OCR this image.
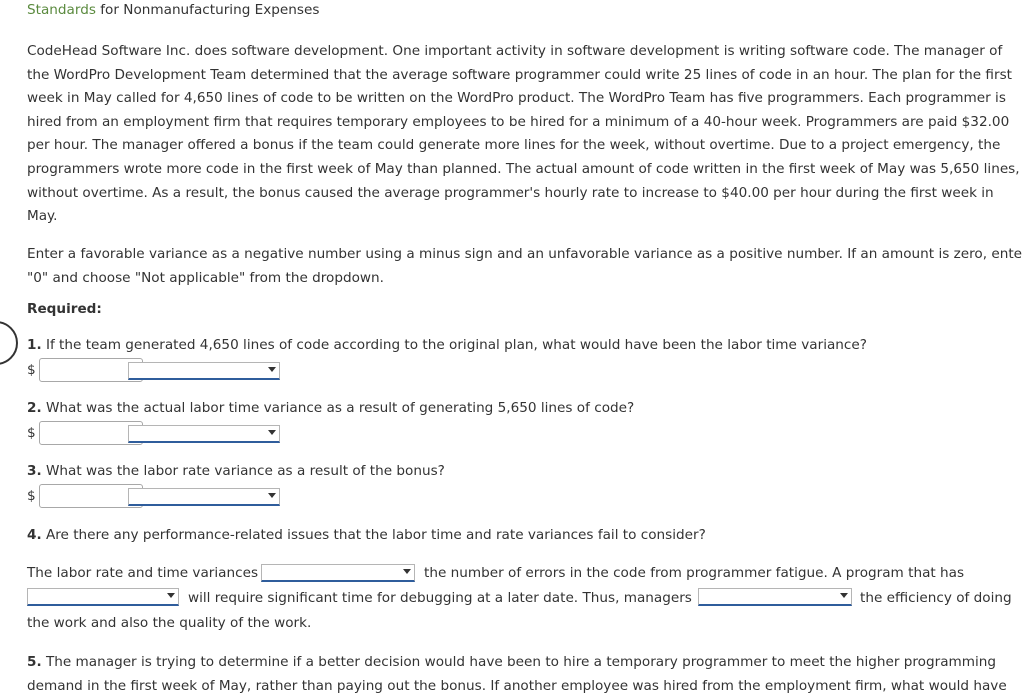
Standards for Nonmanufacturing Expenses
CodeHead Software Inc. does software development. One important activity in software development is writing software code. The manager of the WordPro Development Team determined that the average software programmer could write 25 lines of code in an hour. The plan for the first week in May called for 4,650 lines of code to be written on the WordPro product. The WordPro Team has five programmers. Each programmer is hired from an employment firm that requires temporary employees to be hired for a minimum of a 40-hour week. Programmers are paid $32.00 per hour. The manager offered a bonus if the team could generate more lines for the week, without overtime. Due to a project emergency, the programmers wrote more code in the first week of May than planned. The actual amount of code written in the first week of May was 5,650 lines, without overtime. As a result, the bonus caused the average programmer's hourly rate to increase to $40.00 per hour during the first week in May.
Enter a favorable variance as a negative number using a minus sign and an unfavorable variance as a positive number. If an amount is zero, ente "0" and choose "Not applicable" from the dropdown.
Required:
1. If the team generated 4,650 lines of code according to the original plan, what would have been the labor time variance?
$
2. What was the actual labor time variance as a result of generating 5,650 lines of code?
$
3. What was the labor rate variance as a result of the bonus?
$
4. Are there any performance-related issues that the labor time and rate variances fail to consider?
The labor rate and time variances	the number of errors in the code from programmer fatigue. A program that has
will require significant time for debugging at a later date. Thus, managers	the efficiency of doing
the work and also the quality of the work.
5. The manager is trying to determine if a better decision would have been to hire a temporary programmer to meet the higher programming demand in the first week of May, rather than paying out the bonus. If another employee was hired from the employment firm, what would have
